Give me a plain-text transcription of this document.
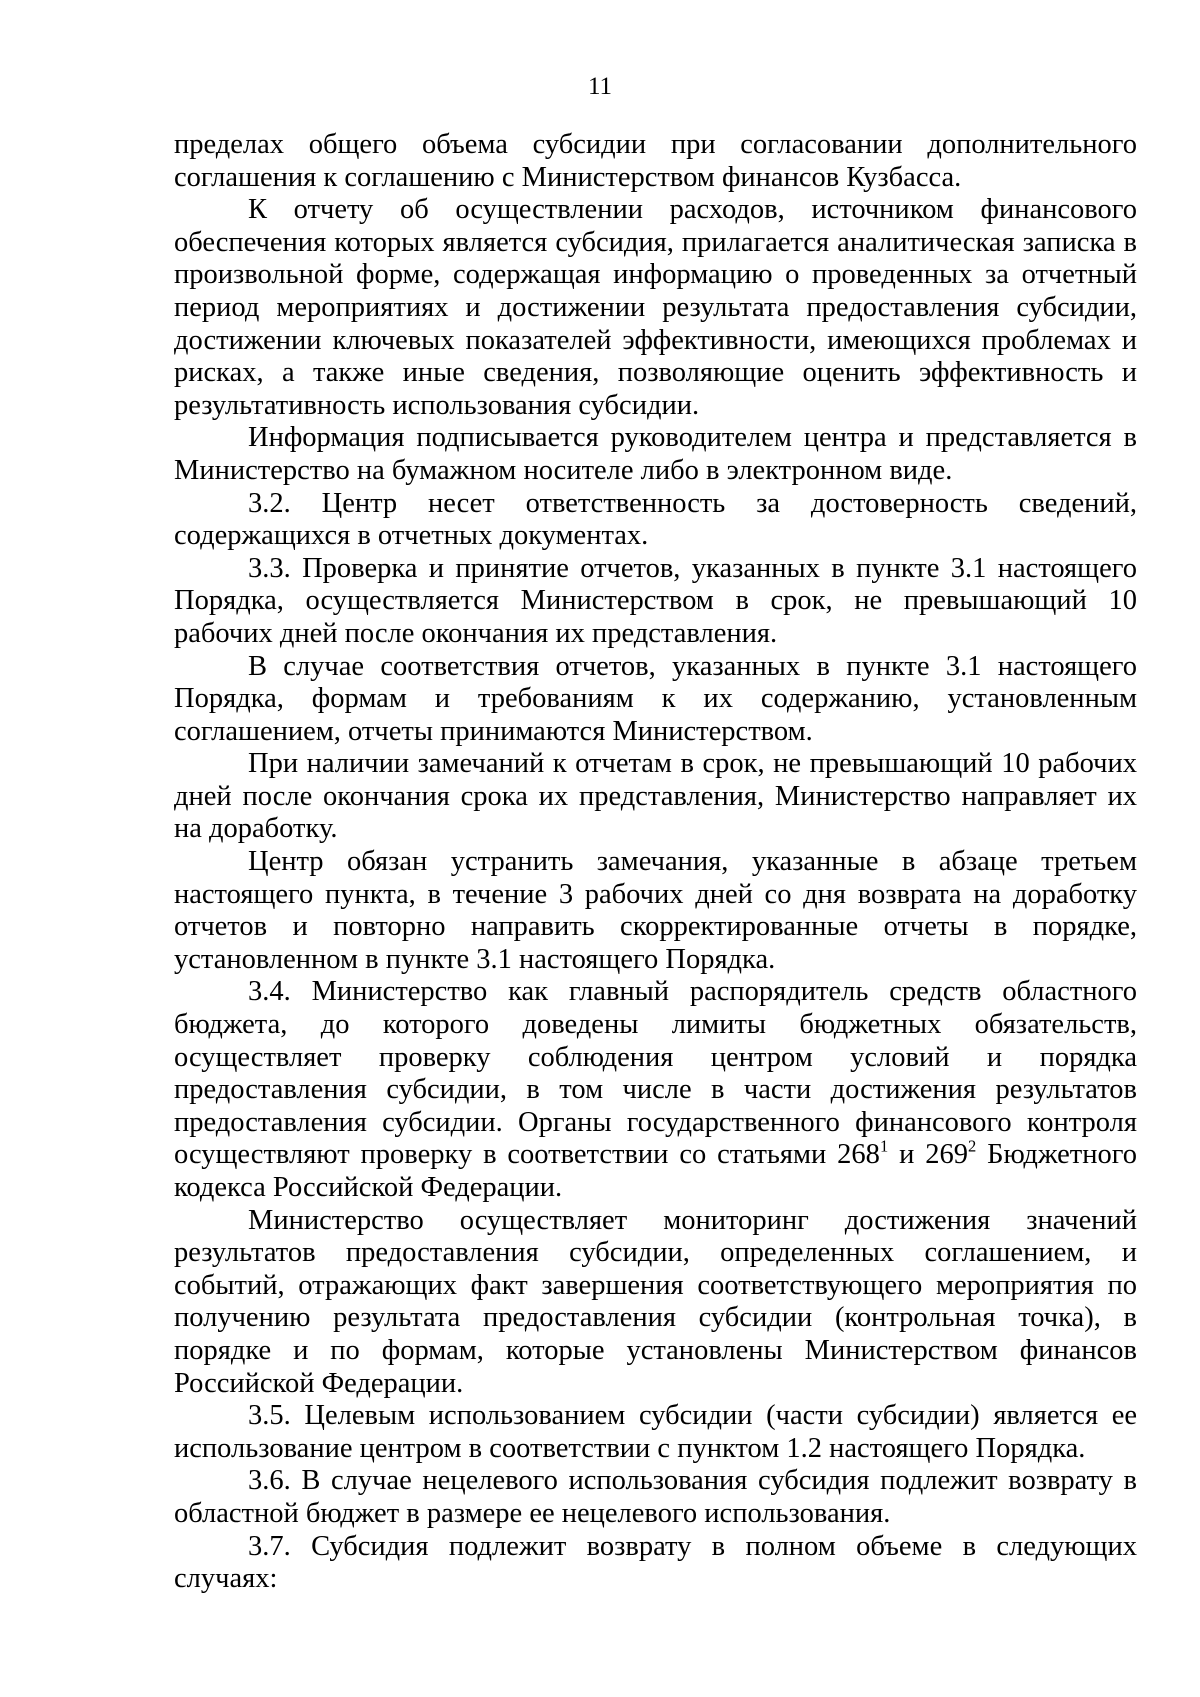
11

пределах общего объема субсидии при согласовании дополнительного соглашения к соглашению с Министерством финансов Кузбасса.

К отчету об осуществлении расходов, источником финансового обеспечения которых является субсидия, прилагается аналитическая записка в произвольной форме, содержащая информацию о проведенных за отчетный период мероприятиях и достижении результата предоставления субсидии, достижении ключевых показателей эффективности, имеющихся проблемах и рисках, а также иные сведения, позволяющие оценить эффективность и результативность использования субсидии.

Информация подписывается руководителем центра и представляется в Министерство на бумажном носителе либо в электронном виде.

3.2. Центр несет ответственность за достоверность сведений, содержащихся в отчетных документах.

3.3. Проверка и принятие отчетов, указанных в пункте 3.1 настоящего Порядка, осуществляется Министерством в срок, не превышающий 10 рабочих дней после окончания их представления.

В случае соответствия отчетов, указанных в пункте 3.1 настоящего Порядка, формам и требованиям к их содержанию, установленным соглашением, отчеты принимаются Министерством.

При наличии замечаний к отчетам в срок, не превышающий 10 рабочих дней после окончания срока их представления, Министерство направляет их на доработку.

Центр обязан устранить замечания, указанные в абзаце третьем настоящего пункта, в течение 3 рабочих дней со дня возврата на доработку отчетов и повторно направить скорректированные отчеты в порядке, установленном в пункте 3.1 настоящего Порядка.

3.4. Министерство как главный распорядитель средств областного бюджета, до которого доведены лимиты бюджетных обязательств, осуществляет проверку соблюдения центром условий и порядка предоставления субсидии, в том числе в части достижения результатов предоставления субсидии. Органы государственного финансового контроля осуществляют проверку в соответствии со статьями $268^1$ и $269^2$ Бюджетного кодекса Российской Федерации.

Министерство осуществляет мониторинг достижения значений результатов предоставления субсидии, определенных соглашением, и событий, отражающих факт завершения соответствующего мероприятия по получению результата предоставления субсидии (контрольная точка), в порядке и по формам, которые установлены Министерством финансов Российской Федерации.

3.5. Целевым использованием субсидии (части субсидии) является ее использование центром в соответствии с пунктом 1.2 настоящего Порядка.

3.6. В случае нецелевого использования субсидия подлежит возврату в областной бюджет в размере ее нецелевого использования.

3.7. Субсидия подлежит возврату в полном объеме в следующих случаях:
